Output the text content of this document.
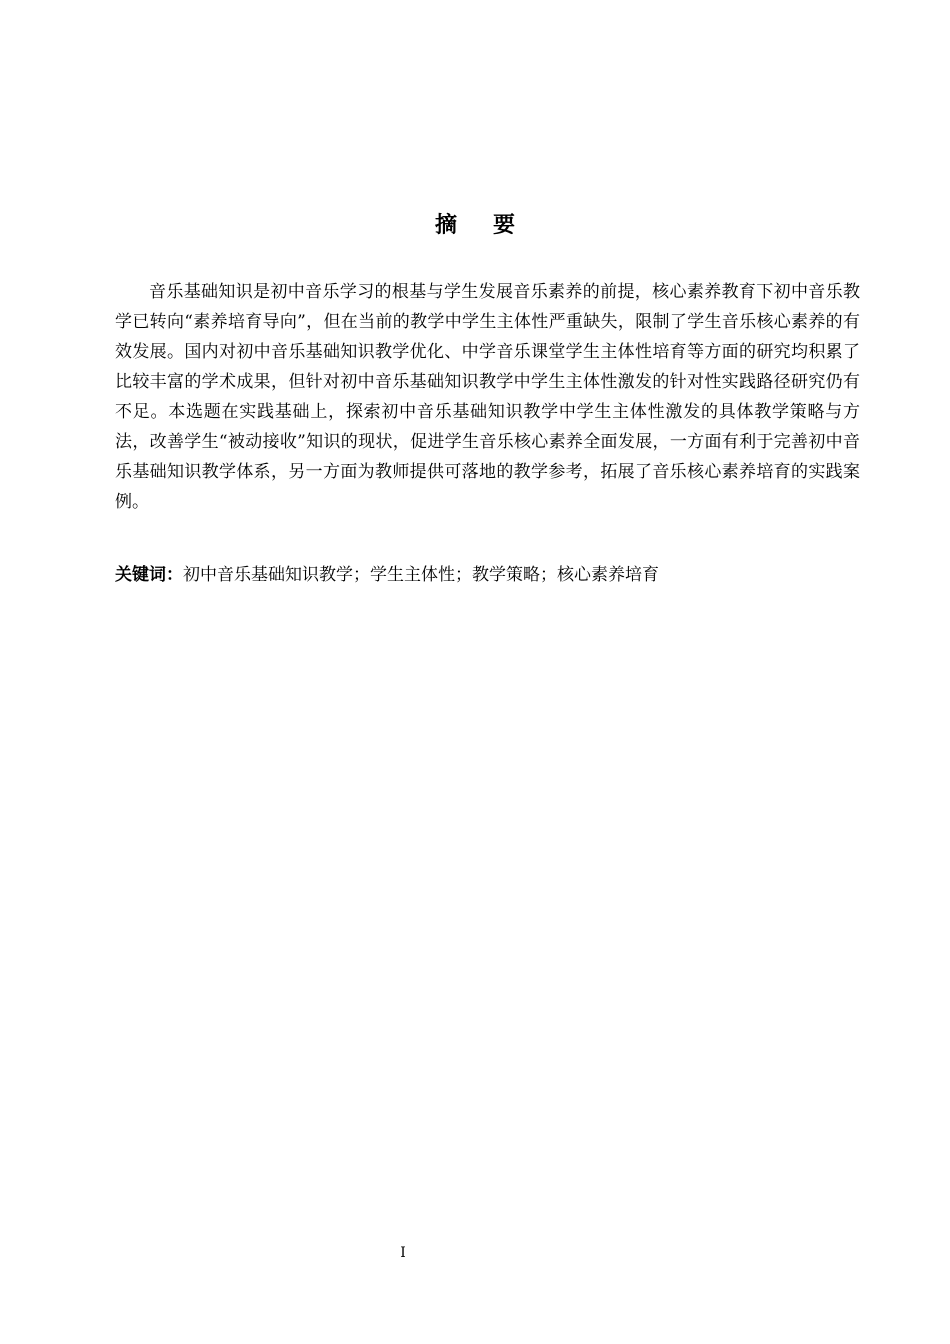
摘要

音乐基础知识是初中音乐学习的根基与学生发展音乐素养的前提，核心素养教育下初中音乐教学已转向“素养培育导向”，但在当前的教学中学生主体性严重缺失，限制了学生音乐核心素养的有效发展。国内对初中音乐基础知识教学优化、中学音乐课堂学生主体性培育等方面的研究均积累了比较丰富的学术成果，但针对初中音乐基础知识教学中学生主体性激发的针对性实践路径研究仍有不足。本选题在实践基础上，探索初中音乐基础知识教学中学生主体性激发的具体教学策略与方法，改善学生“被动接收”知识的现状，促进学生音乐核心素养全面发展，一方面有利于完善初中音乐基础知识教学体系，另一方面为教师提供可落地的教学参考，拓展了音乐核心素养培育的实践案例。

关键词：初中音乐基础知识教学；学生主体性；教学策略；核心素养培育

I
